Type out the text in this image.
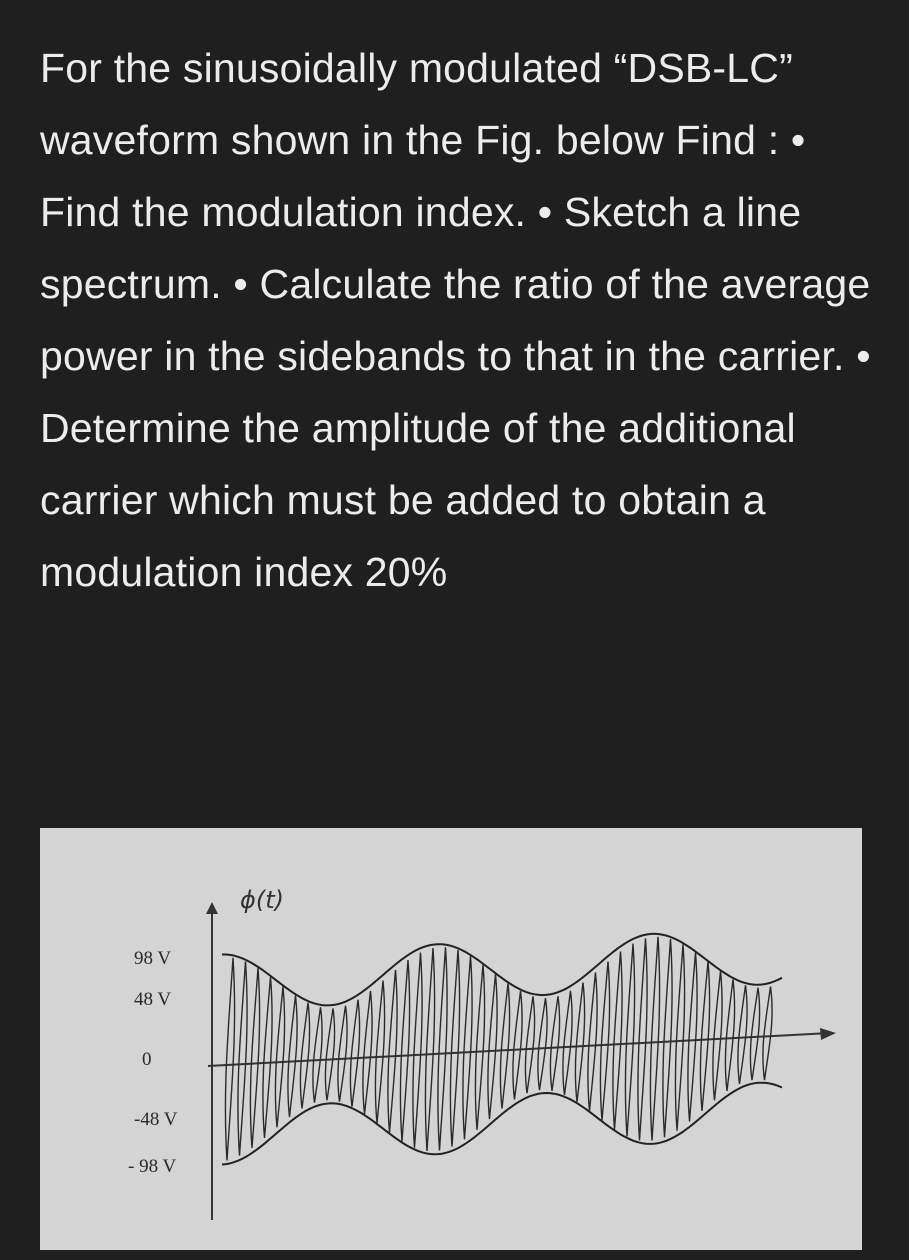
For the sinusoidally modulated “DSB-LC” waveform shown in the Fig. below Find : • Find the modulation index. • Sketch a line spectrum. • Calculate the ratio of the average power in the sidebands to that in the carrier. • Determine the amplitude of the additional carrier which must be added to obtain a modulation index 20%

98 V
48 V
0
-48 V
- 98 V
ɸ(t)
